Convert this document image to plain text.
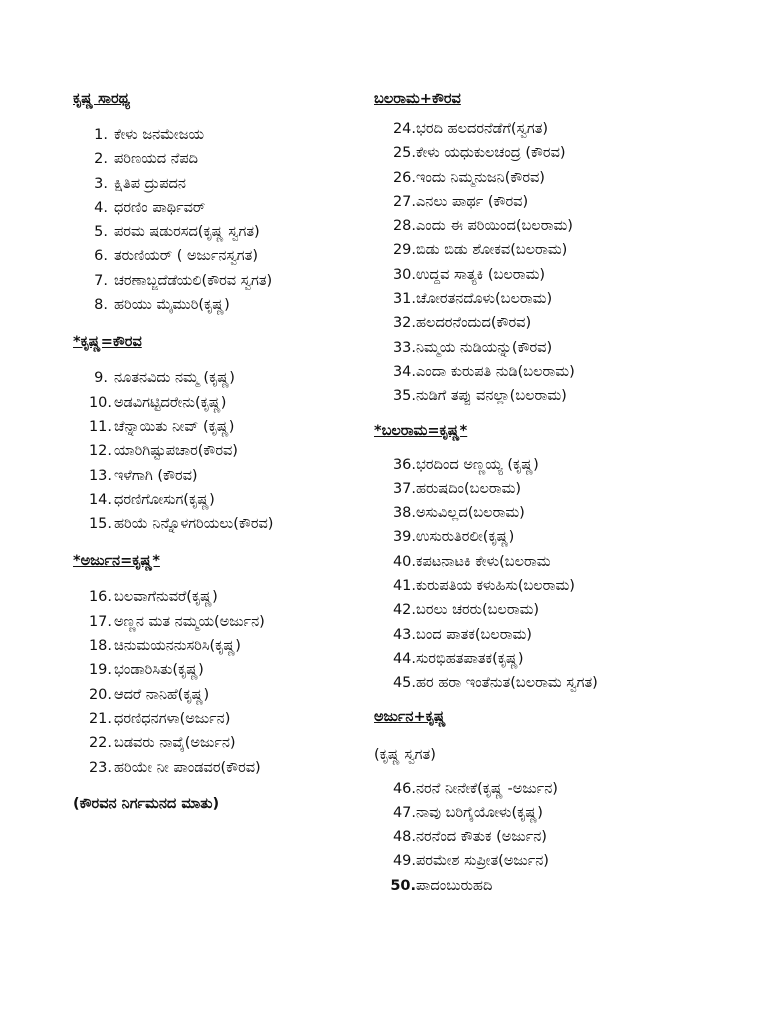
ಕೃಷ್ಣ ಸಾರಥ್ಯ
1. ಕೇಳು ಜನಮೇಜಯ
2. ಪರಿಣಯದ ನೆಪದಿ
3. ಕ್ಷಿತಿಪ ದ್ರುಪದನ
4. ಧರಣಿಂ ಪಾರ್ಥಿವರ್
5. ಪರಮ ಷಡುರಸದ(ಕೃಷ್ಣ ಸ್ವಗತ)
6. ತರುಣಿಯರ್ ( ಅರ್ಜುನಸ್ವಗತ)
7. ಚರಣಾಬ್ಜದೆಡೆಯಲಿ(ಕೌರವ ಸ್ವಗತ)
8. ಹರಿಯು ಮೈಮುರಿ(ಕೃಷ್ಣ)
*ಕೃಷ್ಣ=ಕೌರವ
9. ನೂತನವಿದು ನಮ್ಮ (ಕೃಷ್ಣ)
10. ಅಡವಿಗಟ್ಟಿದರೇನು(ಕೃಷ್ಣ)
11. ಚೆನ್ನಾಯಿತು ನೀವ್ (ಕೃಷ್ಣ)
12. ಯಾರಿಗಿಷ್ಟುಪಚಾರ(ಕೌರವ)
13. ಇಳೆಗಾಗಿ (ಕೌರವ)
14. ಧರಣಿಗೋಸುಗ(ಕೃಷ್ಣ)
15. ಹರಿಯೆ ನಿನ್ನೊಳಗರಿಯಲು(ಕೌರವ)
*ಅರ್ಜುನ=ಕೃಷ್ಣ*
16. ಬಲವಾಗೆನುವರೆ(ಕೃಷ್ಣ)
17. ಅಣ್ಣನ ಮತ ನಮ್ಮಯ(ಅರ್ಜುನ)
18. ಚಿನುಮಯನನುಸರಿಸಿ(ಕೃಷ್ಣ)
19. ಭಂಡಾರಿಸಿತು(ಕೃಷ್ಣ)
20. ಆದರೆ ನಾನಿಹೆ(ಕೃಷ್ಣ)
21. ಧರಣಿಧನಗಳಾ(ಅರ್ಜುನ)
22. ಬಡವರು ನಾವೈ(ಅರ್ಜುನ)
23. ಹರಿಯೇ ನೀ ಪಾಂಡವರ(ಕೌರವ)
(ಕೌರವನ ನಿರ್ಗಮನದ ಮಾತು)
ಬಲರಾಮ+ಕೌರವ
24. ಭರದಿ ಹಲದರನೆಡೆಗೆ(ಸ್ವಗತ)
25. ಕೇಳು ಯಧುಕುಲಚಂದ್ರ (ಕೌರವ)
26. ಇಂದು ನಿಮ್ಮನುಜನಿ(ಕೌರವ)
27. ಎನಲು ಪಾರ್ಥ (ಕೌರವ)
28. ಎಂದು ಈ ಪರಿಯಿಂದ(ಬಲರಾಮ)
29. ಬಿಡು ಬಿಡು ಶೋಕವ(ಬಲರಾಮ)
30. ಉದ್ದವ ಸಾತ್ಯಕಿ (ಬಲರಾಮ)
31. ಚೋರತನದೊಳು(ಬಲರಾಮ)
32. ಹಲದರನೆಂದುದ(ಕೌರವ)
33. ನಿಮ್ಮಯ ನುಡಿಯನ್ನು(ಕೌರವ)
34. ಎಂದಾ ಕುರುಪತಿ ನುಡಿ(ಬಲರಾಮ)
35. ನುಡಿಗೆ ತಪ್ಪು ವನಲ್ಲಾ(ಬಲರಾಮ)
*ಬಲರಾಮ=ಕೃಷ್ಣ*
36. ಭರದಿಂದ ಅಣ್ಣಯ್ಯ (ಕೃಷ್ಣ)
37. ಹರುಷದಿಂ(ಬಲರಾಮ)
38. ಅಸುವಿಲ್ಲದ(ಬಲರಾಮ)
39. ಉಸುರುತಿರಲೀ(ಕೃಷ್ಣ)
40. ಕಪಟನಾಟಕಿ ಕೇಳು(ಬಲರಾಮ
41. ಕುರುಪತಿಯ ಕಳುಹಿಸು(ಬಲರಾಮ)
42. ಬರಲು ಚರರು(ಬಲರಾಮ)
43. ಬಂದ ಪಾತಕ(ಬಲರಾಮ)
44. ಸುರಭಿಹತಪಾತಕ(ಕೃಷ್ಣ)
45. ಹರ ಹರಾ ಇಂತೆನುತ(ಬಲರಾಮ ಸ್ವಗತ)
ಅರ್ಜುನ+ಕೃಷ್ಣ
(ಕೃಷ್ಣ ಸ್ವಗತ)
46. ನರನೆ ನೀನೇಕೆ(ಕೃಷ್ಣ -ಅರ್ಜುನ)
47. ನಾವು ಬರಿಗೈಯೋಳು(ಕೃಷ್ಣ)
48. ನರನೆಂದ ಕೌತುಕ (ಅರ್ಜುನ)
49. ಪರಮೇಶ ಸುಪ್ರೀತ(ಅರ್ಜುನ)
50. ಪಾದಂಬುರುಹದಿ
